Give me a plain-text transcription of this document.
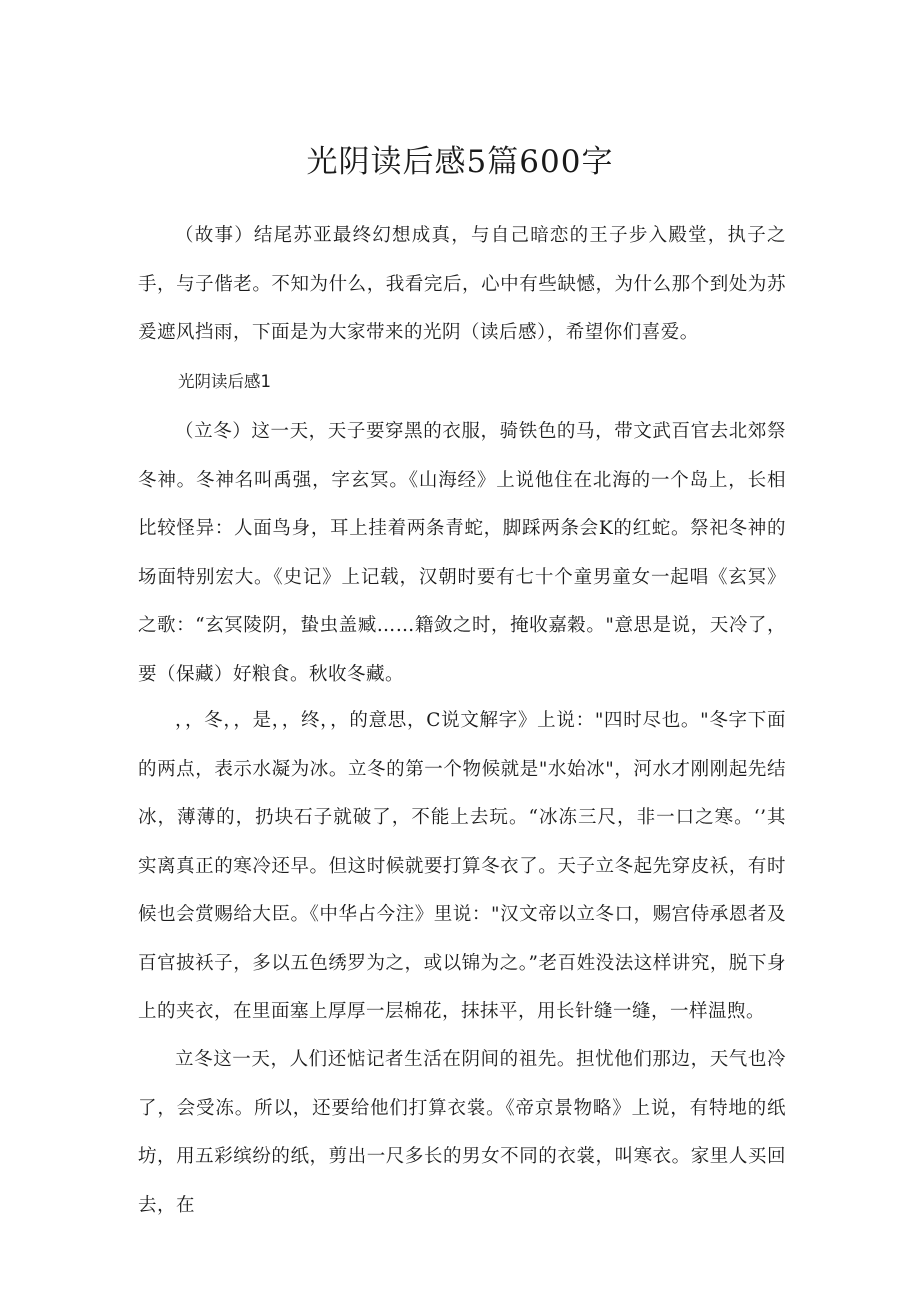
光阴读后感5篇600字

（故事）结尾苏亚最终幻想成真，与自己暗恋的王子步入殿堂，执子之手，与子偕老。不知为什么，我看完后，心中有些缺憾，为什么那个到处为苏爰遮风挡雨，下面是为大家带来的光阴（读后感），希望你们喜爱。

光阴读后感1

（立冬）这一天，天子要穿黑的衣服，骑铁色的马，带文武百官去北郊祭冬神。冬神名叫禹强，字玄冥。《山海经》上说他住在北海的一个岛上，长相比较怪异：人面鸟身，耳上挂着两条青蛇，脚踩两条会K的红蛇。祭祀冬神的场面特别宏大。《史记》上记载，汉朝时要有七十个童男童女一起唱《玄冥》之歌：“玄冥陵阴，蛰虫盖臧……籍敛之时，掩收嘉穀。"意思是说，天冷了，要（保藏）好粮食。秋收冬藏。

，，冬，，是，，终，，的意思，C说文解字》上说："四时尽也。"冬字下面的两点，表示水凝为冰。立冬的第一个物候就是"水始冰"，河水才刚刚起先结冰，薄薄的，扔块石子就破了，不能上去玩。“冰冻三尺，非一口之寒。‘’其实离真正的寒冷还早。但这时候就要打算冬衣了。天子立冬起先穿皮袄，有时候也会赏赐给大臣。《中华占今注》里说："汉文帝以立冬口，赐宫侍承恩者及百官披袄子，多以五色绣罗为之，或以锦为之。”老百姓没法这样讲究，脱下身上的夹衣，在里面塞上厚厚一层棉花，抹抹平，用长针缝一缝，一样温煦。

立冬这一天，人们还惦记者生活在阴间的祖先。担忧他们那边，天气也冷了，会受冻。所以，还要给他们打算衣裳。《帝京景物略》上说，有特地的纸坊，用五彩缤纷的纸，剪出一尺多长的男女不同的衣裳，叫寒衣。家里人买回去，在
